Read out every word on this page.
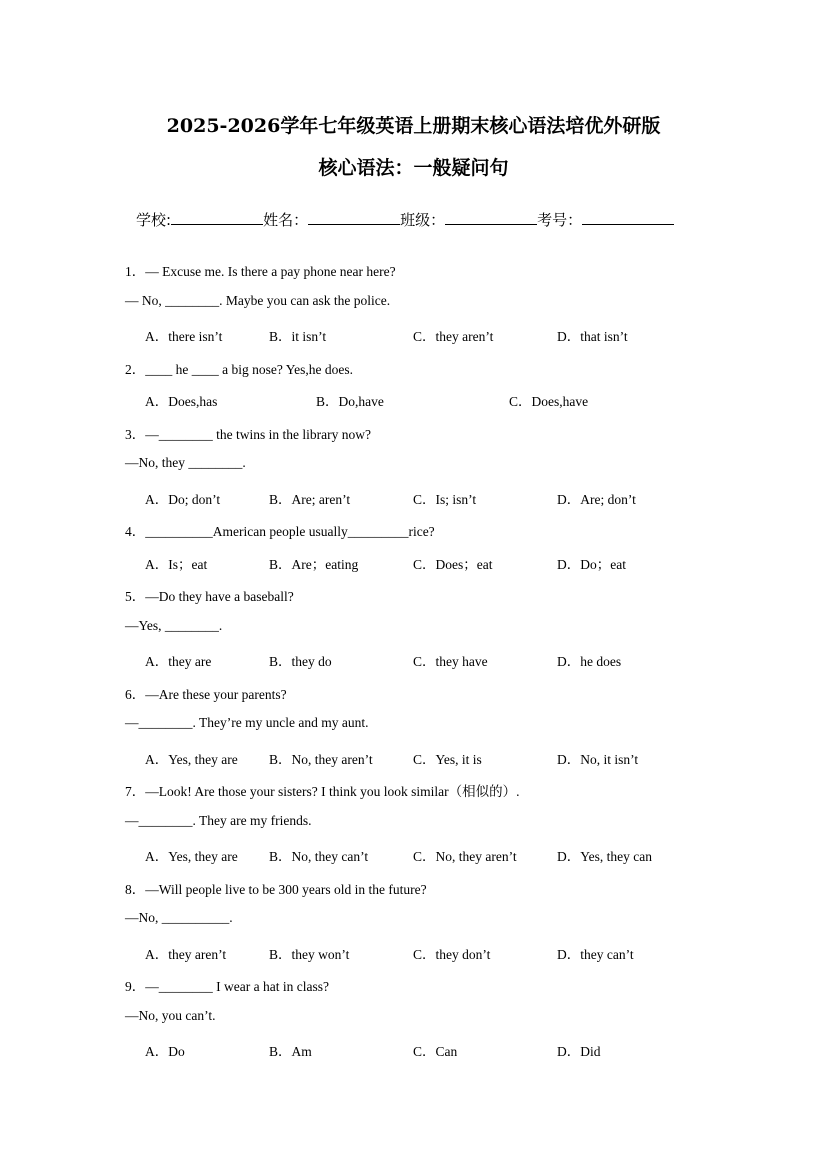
2025-2026学年七年级英语上册期末核心语法培优外研版
核心语法：一般疑问句
学校:	姓名：	班级：	考号：
1．— Excuse me. Is there a pay phone near here?
— No, ________. Maybe you can ask the police.
A．there isn’t	B．it isn’t	C．they aren’t	D．that isn’t
2．____ he ____ a big nose? Yes,he does.
A．Does,has	B．Do,have	C．Does,have
3．—________ the twins in the library now?
—No, they ________.
A．Do; don’t	B．Are; aren’t	C．Is; isn’t	D．Are; don’t
4．__________American people usually_________rice?
A．Is；eat	B．Are；eating	C．Does；eat	D．Do；eat
5．—Do they have a baseball?
—Yes, ________.
A．they are	B．they do	C．they have	D．he does
6．—Are these your parents?
—________. They’re my uncle and my aunt.
A．Yes, they are B．No, they aren’t	C．Yes, it is	D．No, it isn’t
7．—Look! Are those your sisters? I think you look similar（相似的）.
—________. They are my friends.
A．Yes, they are B．No, they can’t	C．No, they aren’t	D．Yes, they can
8．—Will people live to be 300 years old in the future?
—No, __________.
A．they aren’t	B．they won’t	C．they don’t	D．they can’t
9．—________ I wear a hat in class?
—No, you can’t.
A．Do	B．Am	C．Can	D．Did
